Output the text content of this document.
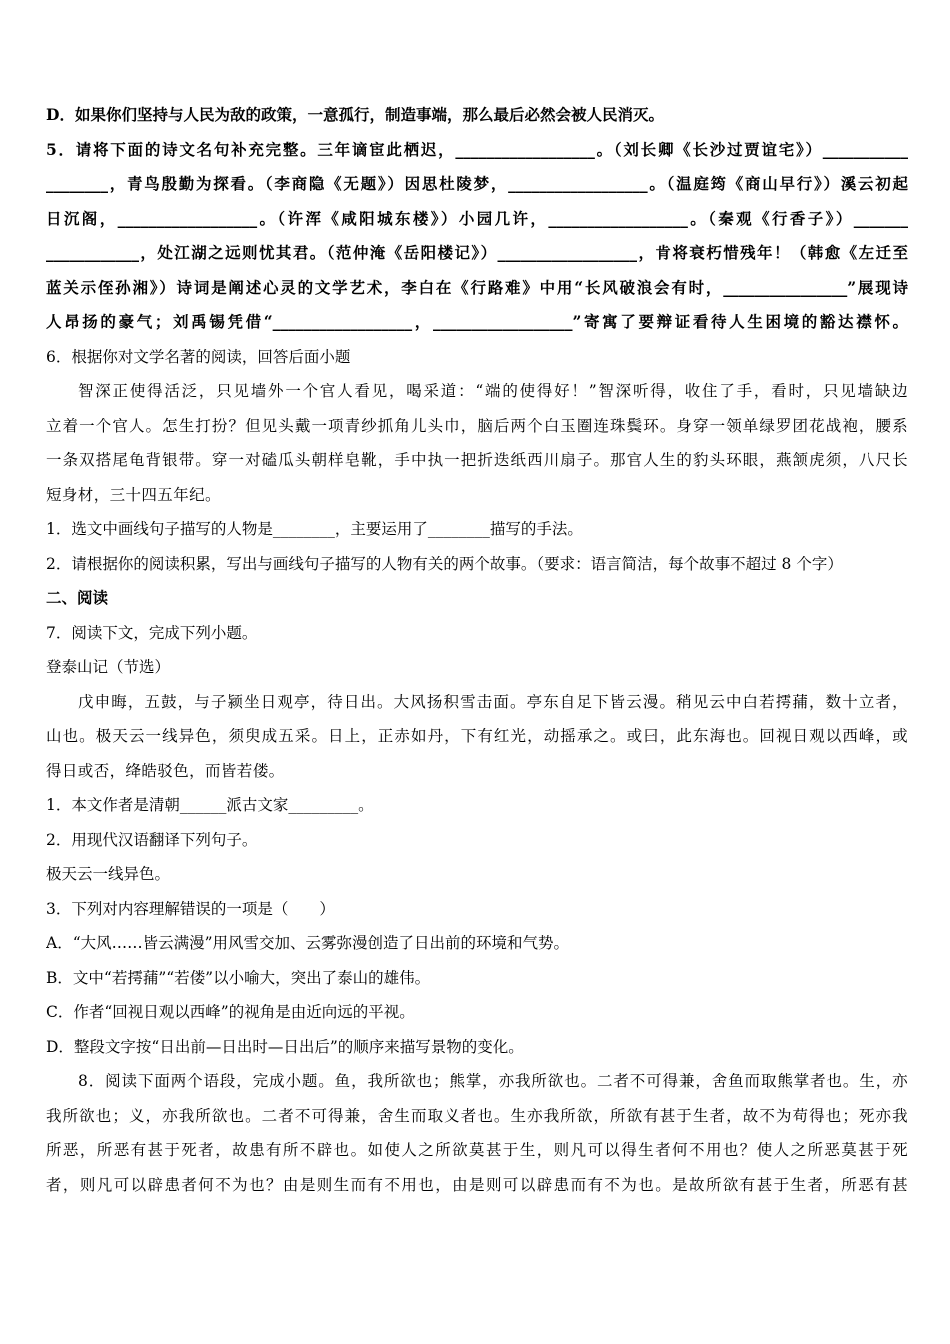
D．如果你们坚持与人民为敌的政策，一意孤行，制造事端，那么最后必然会被人民消灭。
5．请将下面的诗文名句补充完整。三年谪宦此栖迟，__________________。（刘长卿《长沙过贾谊宅》）___________
________，青鸟殷勤为探看。（李商隐《无题》）因思杜陵梦，__________________。（温庭筠《商山早行》）溪云初起
日沉阁，__________________。（许浑《咸阳城东楼》）小园几许，__________________。（秦观《行香子》）_______
____________，处江湖之远则忧其君。（范仲淹《岳阳楼记》）__________________，肯将衰朽惜残年！（韩愈《左迁至
蓝关示侄孙湘》）诗词是阐述心灵的文学艺术，李白在《行路难》中用“长风破浪会有时，________________”展现诗
人昂扬的豪气；刘禹锡凭借“__________________，__________________”寄寓了要辩证看待人生困境的豁达襟怀。
6．根据你对文学名著的阅读，回答后面小题
智深正使得活泛，只见墙外一个官人看见，喝采道：“端的使得好！”智深听得，收住了手，看时，只见墙缺边
立着一个官人。怎生打扮？但见头戴一项青纱抓角儿头巾，脑后两个白玉圈连珠鬓环。身穿一领单绿罗团花战袍，腰系
一条双搭尾龟背银带。穿一对磕瓜头朝样皂靴，手中执一把折迭纸西川扇子。那官人生的豹头环眼，燕颔虎须，八尺长
短身材，三十四五年纪。
1．选文中画线句子描写的人物是________，主要运用了________描写的手法。
2．请根据你的阅读积累，写出与画线句子描写的人物有关的两个故事。（要求：语言简洁，每个故事不超过 8 个字）
二、阅读
7．阅读下文，完成下列小题。
登泰山记（节选）
戊申晦，五鼓，与子颍坐日观亭，待日出。大风扬积雪击面。亭东自足下皆云漫。稍见云中白若摴蒱，数十立者，
山也。极天云一线异色，须臾成五采。日上，正赤如丹，下有红光，动摇承之。或曰，此东海也。回视日观以西峰，或
得日或否，绛皓驳色，而皆若偻。
1．本文作者是清朝______派古文家_________。
2．用现代汉语翻译下列句子。
极天云一线异色。
3．下列对内容理解错误的一项是（　　）
A．“大风……皆云满漫”用风雪交加、云雾弥漫创造了日出前的环境和气势。
B．文中“若摴蒱”“若偻”以小喻大，突出了泰山的雄伟。
C．作者“回视日观以西峰”的视角是由近向远的平视。
D．整段文字按“日出前—日出时—日出后”的顺序来描写景物的变化。
8．阅读下面两个语段，完成小题。鱼，我所欲也；熊掌，亦我所欲也。二者不可得兼，舍鱼而取熊掌者也。生，亦
我所欲也；义，亦我所欲也。二者不可得兼，舍生而取义者也。生亦我所欲，所欲有甚于生者，故不为苟得也；死亦我
所恶，所恶有甚于死者，故患有所不辟也。如使人之所欲莫甚于生，则凡可以得生者何不用也？使人之所恶莫甚于死
者，则凡可以辟患者何不为也？由是则生而有不用也，由是则可以辟患而有不为也。是故所欲有甚于生者，所恶有甚
